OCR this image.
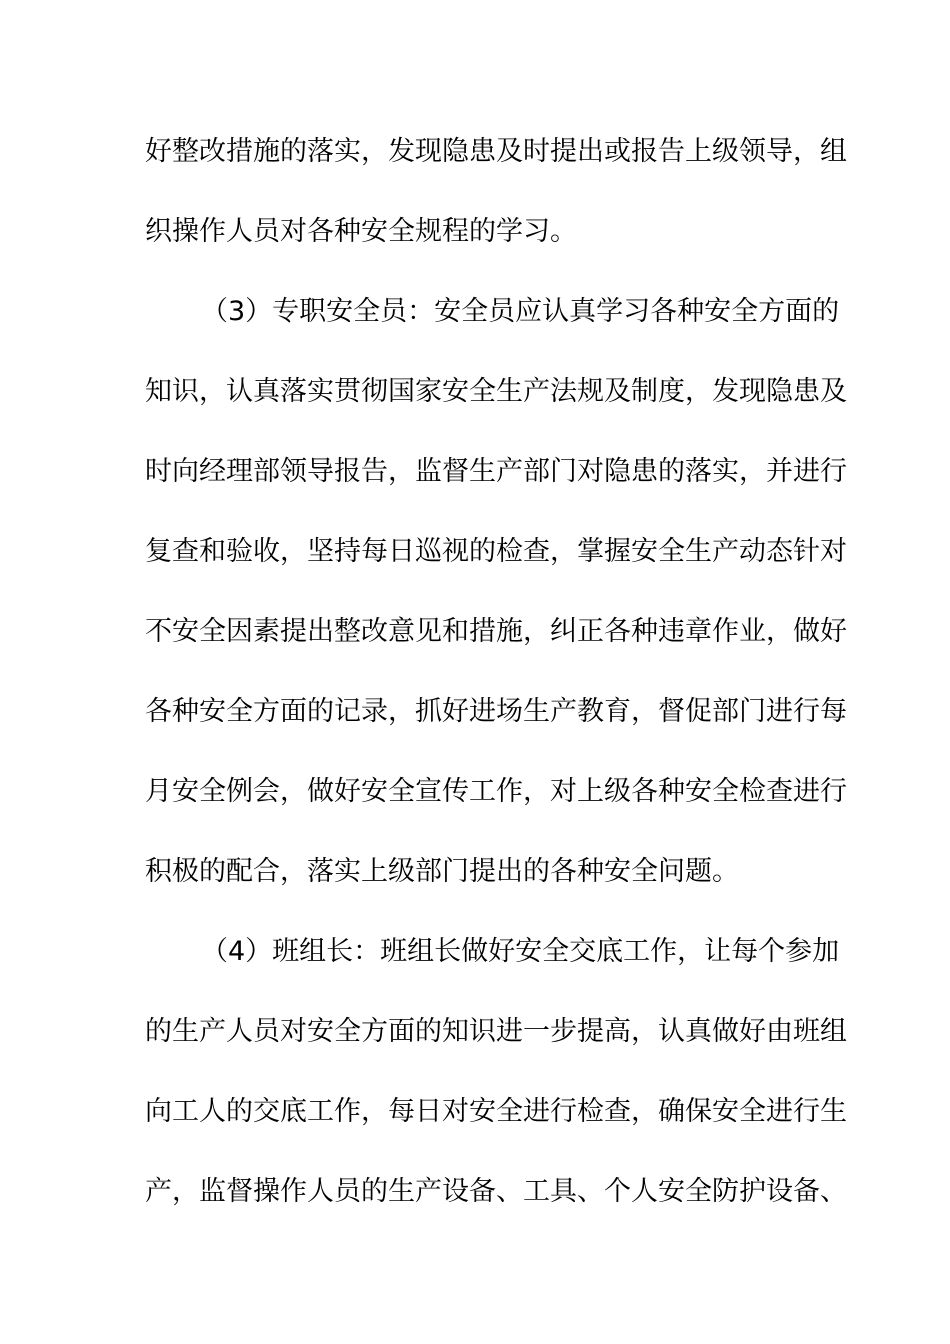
好整改措施的落实，发现隐患及时提出或报告上级领导，组
织操作人员对各种安全规程的学习。
（3）专职安全员：安全员应认真学习各种安全方面的
知识，认真落实贯彻国家安全生产法规及制度，发现隐患及
时向经理部领导报告，监督生产部门对隐患的落实，并进行
复查和验收，坚持每日巡视的检查，掌握安全生产动态针对
不安全因素提出整改意见和措施，纠正各种违章作业，做好
各种安全方面的记录，抓好进场生产教育，督促部门进行每
月安全例会，做好安全宣传工作，对上级各种安全检查进行
积极的配合，落实上级部门提出的各种安全问题。
（4）班组长：班组长做好安全交底工作，让每个参加
的生产人员对安全方面的知识进一步提高，认真做好由班组
向工人的交底工作，每日对安全进行检查，确保安全进行生
产，监督操作人员的生产设备、工具、个人安全防护设备、
